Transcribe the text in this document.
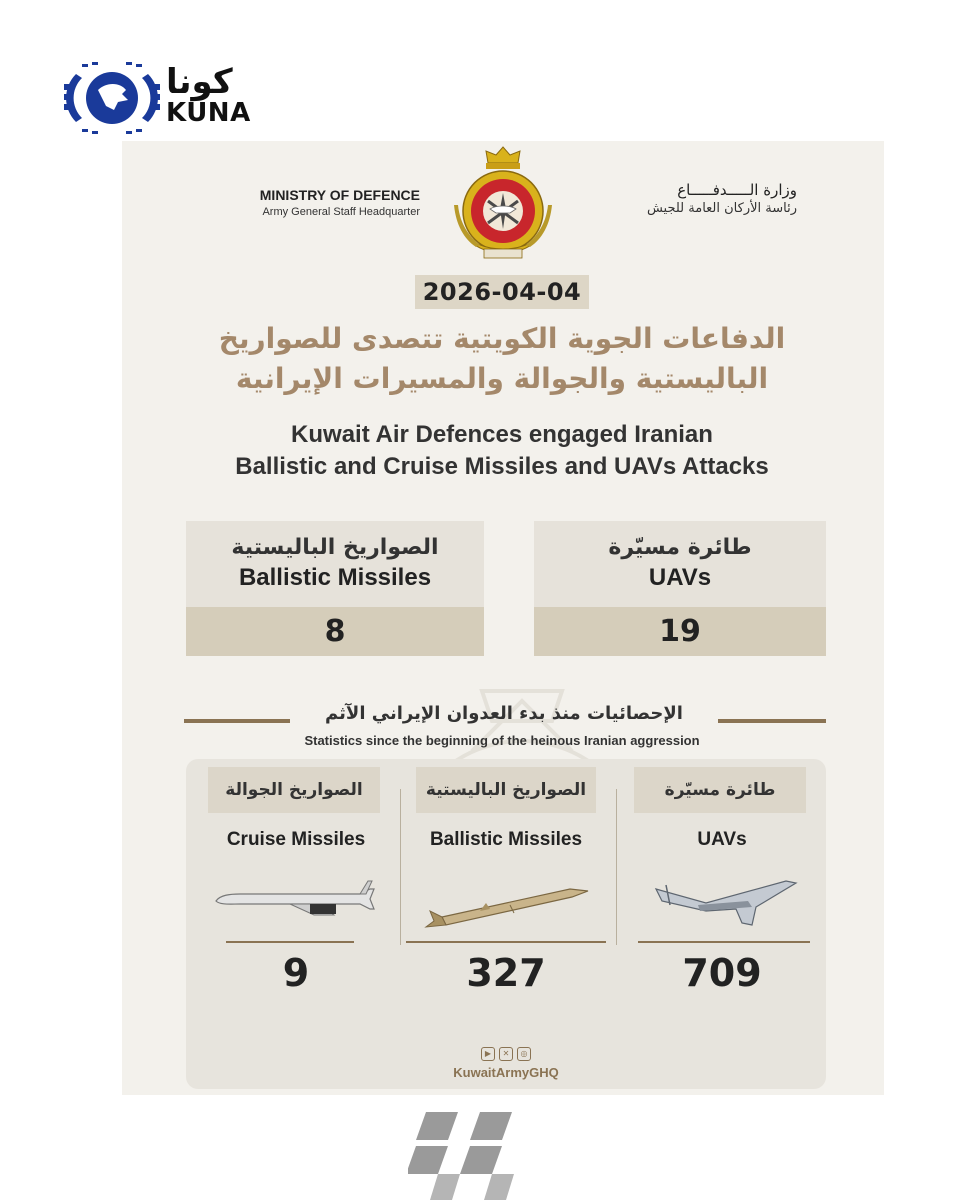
كونا
KUNA
MINISTRY OF DEFENCE
Army General Staff Headquarter
وزارة الـــــدفـــــاع
رئاسة الأركان العامة للجيش
2026-04-04
الدفاعات الجوية الكويتية تتصدى للصواريخ
الباليستية والجوالة والمسيرات الإيرانية
Kuwait Air Defences engaged Iranian
Ballistic and Cruise Missiles and UAVs Attacks
الصواريخ الباليستية
Ballistic Missiles
8
طائرة مسيّرة
UAVs
19
الإحصائيات منذ بدء العدوان الإيراني الآثم
Statistics since the beginning of the heinous Iranian aggression
الصواريخ الجوالة
Cruise Missiles
9
الصواريخ الباليستية
Ballistic Missiles
327
طائرة مسيّرة
UAVs
709
▶	✕	◎
KuwaitArmyGHQ
